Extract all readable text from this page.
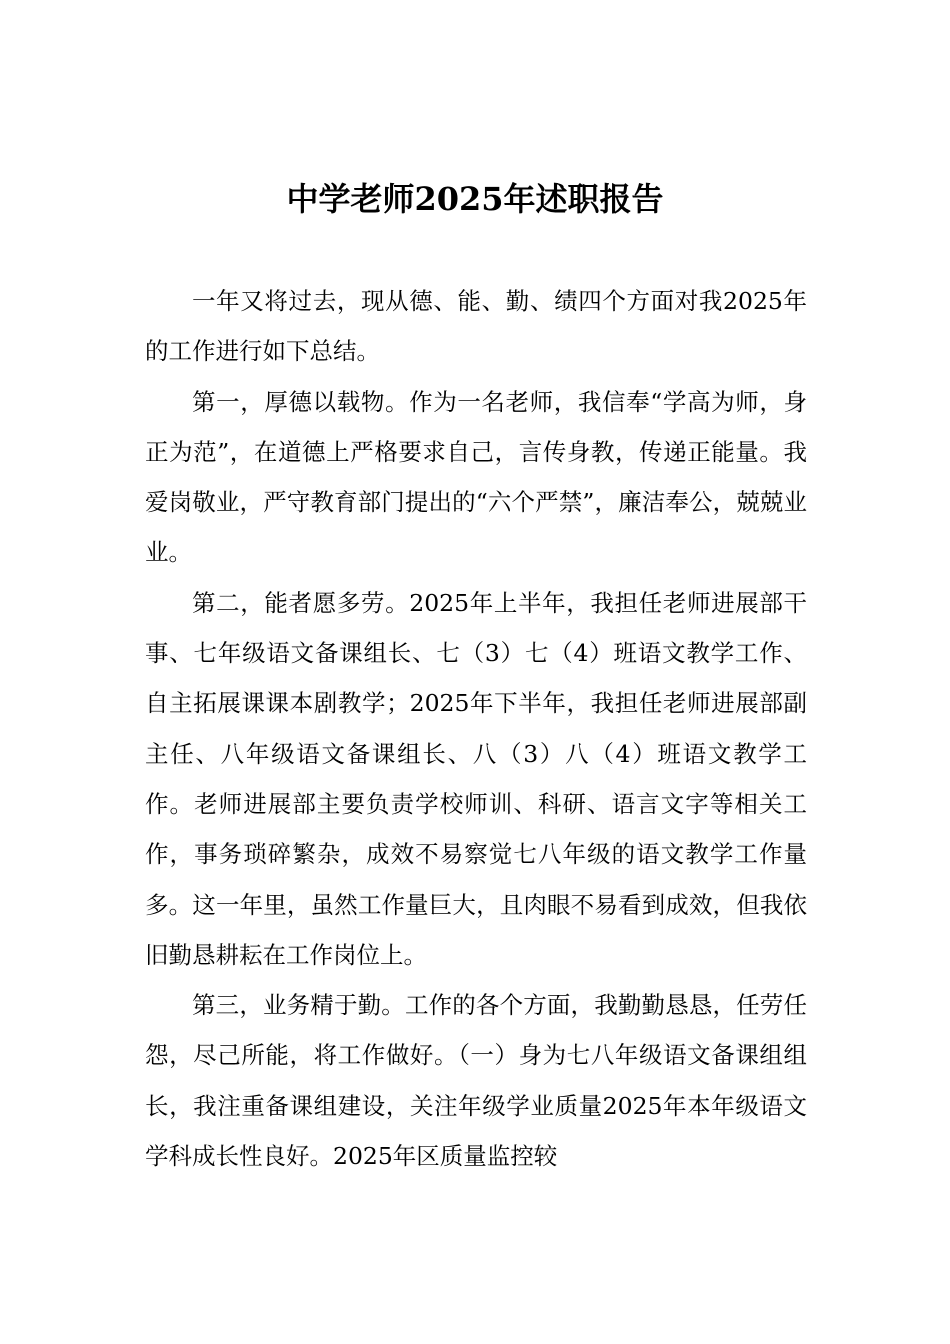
中学老师2025年述职报告

一年又将过去，现从德、能、勤、绩四个方面对我2025年的工作进行如下总结。

第一，厚德以载物。作为一名老师，我信奉“学高为师，身正为范”，在道德上严格要求自己，言传身教，传递正能量。我爱岗敬业，严守教育部门提出的“六个严禁”，廉洁奉公，兢兢业业。

第二，能者愿多劳。2025年上半年，我担任老师进展部干事、七年级语文备课组长、七（3）七（4）班语文教学工作、自主拓展课课本剧教学；2025年下半年，我担任老师进展部副主任、八年级语文备课组长、八（3）八（4）班语文教学工作。老师进展部主要负责学校师训、科研、语言文字等相关工作，事务琐碎繁杂，成效不易察觉七八年级的语文教学工作量多。这一年里，虽然工作量巨大，且肉眼不易看到成效，但我依旧勤恳耕耘在工作岗位上。

第三，业务精于勤。工作的各个方面，我勤勤恳恳，任劳任怨，尽己所能，将工作做好。（一）身为七八年级语文备课组组长，我注重备课组建设，关注年级学业质量2025年本年级语文学科成长性良好。2025年区质量监控较
